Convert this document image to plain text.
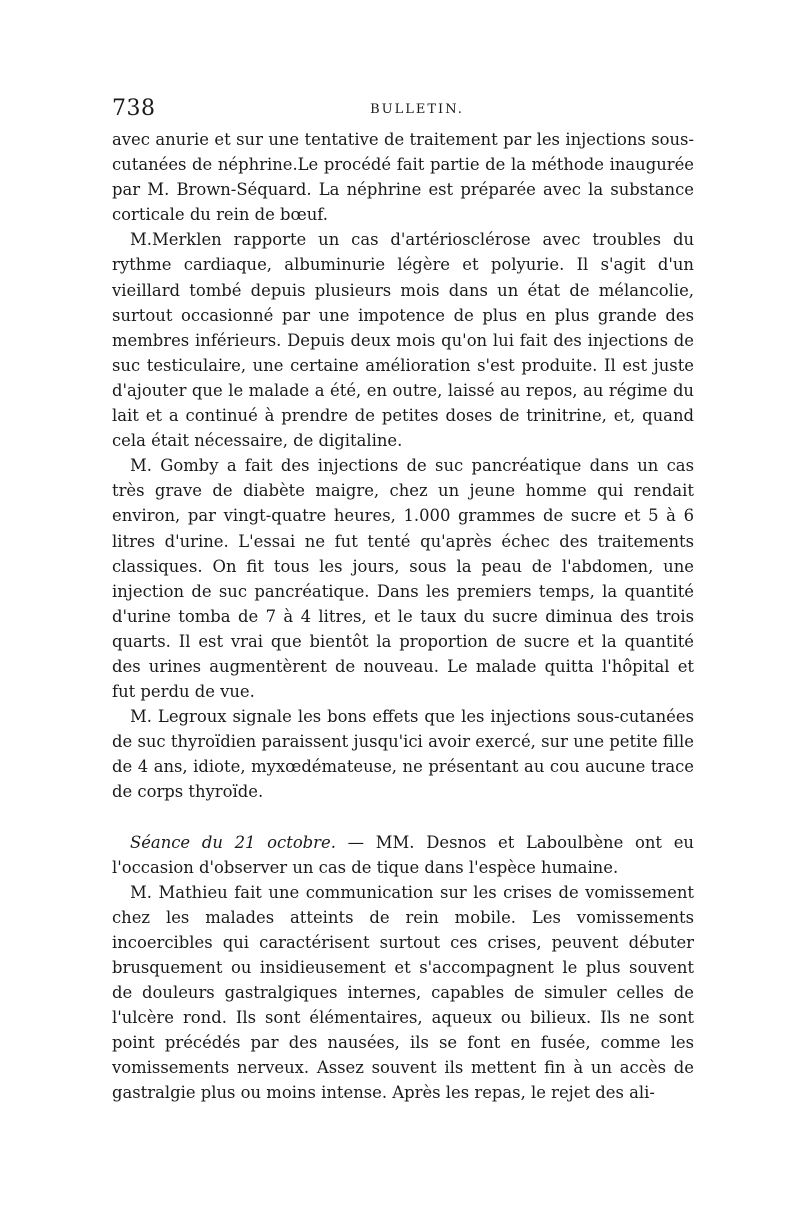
738	BULLETIN.

avec anurie et sur une tentative de traitement par les injections sous-cutanées de néphrine.Le procédé fait partie de la méthode inaugurée par M. Brown-Séquard. La néphrine est préparée avec la substance corticale du rein de bœuf.

M.Merklen rapporte un cas d'artériosclérose avec troubles du rythme cardiaque, albuminurie légère et polyurie. Il s'agit d'un vieillard tombé depuis plusieurs mois dans un état de mélancolie, surtout occasionné par une impotence de plus en plus grande des membres inférieurs. Depuis deux mois qu'on lui fait des injections de suc testiculaire, une certaine amélioration s'est produite. Il est juste d'ajouter que le malade a été, en outre, laissé au repos, au régime du lait et a continué à prendre de petites doses de trinitrine, et, quand cela était nécessaire, de digitaline.

M. Gomby a fait des injections de suc pancréatique dans un cas très grave de diabète maigre, chez un jeune homme qui rendait environ, par vingt-quatre heures, 1.000 grammes de sucre et 5 à 6 litres d'urine. L'essai ne fut tenté qu'après échec des traitements classiques. On fit tous les jours, sous la peau de l'abdomen, une injection de suc pancréatique. Dans les premiers temps, la quantité d'urine tomba de 7 à 4 litres, et le taux du sucre diminua des trois quarts. Il est vrai que bientôt la proportion de sucre et la quantité des urines augmentèrent de nouveau. Le malade quitta l'hôpital et fut perdu de vue.

M. Legroux signale les bons effets que les injections sous-cutanées de suc thyroïdien paraissent jusqu'ici avoir exercé, sur une petite fille de 4 ans, idiote, myxœdémateuse, ne présentant au cou aucune trace de corps thyroïde.

Séance du 21 octobre. — MM. Desnos et Laboulbène ont eu l'occasion d'observer un cas de tique dans l'espèce humaine.

M. Mathieu fait une communication sur les crises de vomissement chez les malades atteints de rein mobile. Les vomissements incoercibles qui caractérisent surtout ces crises, peuvent débuter brusquement ou insidieusement et s'accompagnent le plus souvent de douleurs gastralgiques internes, capables de simuler celles de l'ulcère rond. Ils sont élémentaires, aqueux ou bilieux. Ils ne sont point précédés par des nausées, ils se font en fusée, comme les vomissements nerveux. Assez souvent ils mettent fin à un accès de gastralgie plus ou moins intense. Après les repas, le rejet des ali-
